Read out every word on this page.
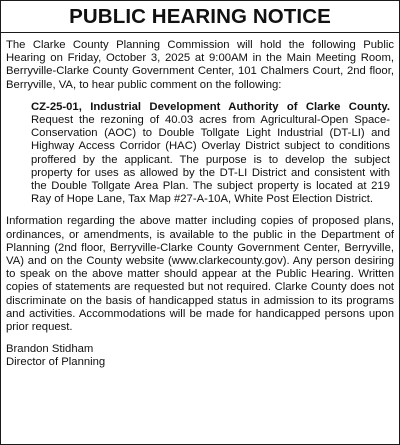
PUBLIC HEARING NOTICE

The Clarke County Planning Commission will hold the following Public Hearing on Friday, October 3, 2025 at 9:00AM in the Main Meeting Room, Berryville-Clarke County Government Center, 101 Chalmers Court, 2nd floor, Berryville, VA, to hear public comment on the following:

CZ-25-01, Industrial Development Authority of Clarke County. Request the rezoning of 40.03 acres from Agricultural-Open Space-Conservation (AOC) to Double Tollgate Light Industrial (DT-LI) and Highway Access Corridor (HAC) Overlay District subject to conditions proffered by the applicant. The purpose is to develop the subject property for uses as allowed by the DT-LI District and consistent with the Double Tollgate Area Plan. The subject property is located at 219 Ray of Hope Lane, Tax Map #27-A-10A, White Post Election District.

Information regarding the above matter including copies of proposed plans, ordinances, or amendments, is available to the public in the Department of Planning (2nd floor, Berryville-Clarke County Government Center, Berryville, VA) and on the County website (www.clarkecounty.gov). Any person desiring to speak on the above matter should appear at the Public Hearing. Written copies of statements are requested but not required. Clarke County does not discriminate on the basis of handicapped status in admission to its programs and activities. Accommodations will be made for handicapped persons upon prior request.

Brandon Stidham
Director of Planning
